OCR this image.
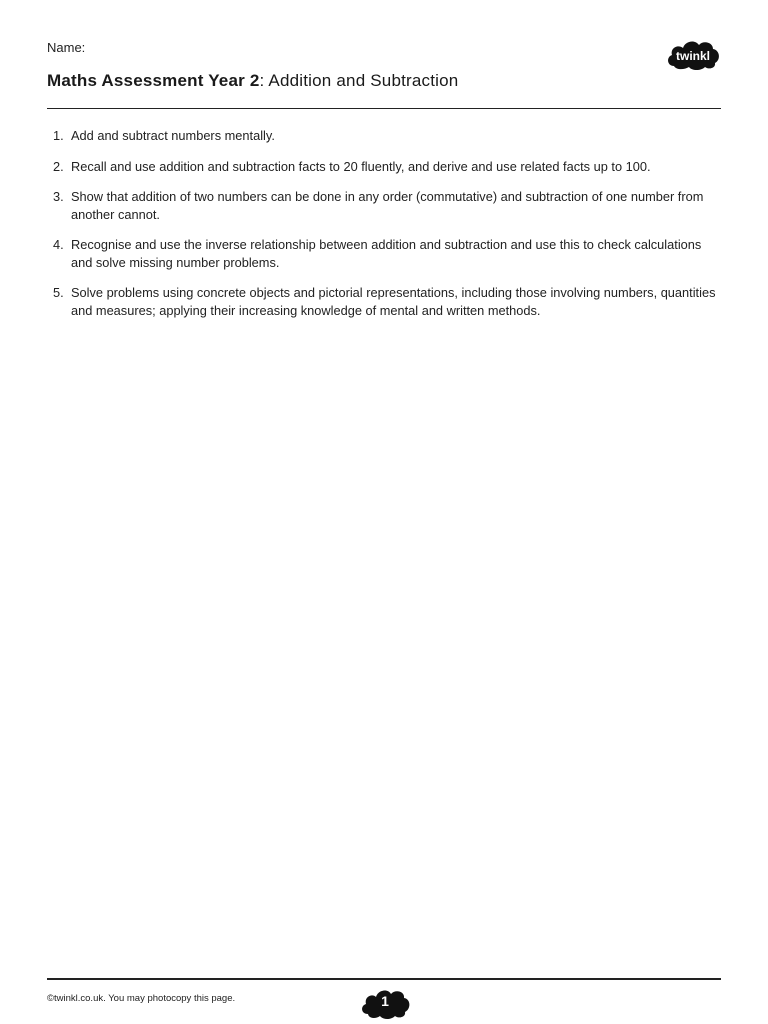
Name:
twinkl
Maths Assessment Year 2: Addition and Subtraction
1. Add and subtract numbers mentally.
2. Recall and use addition and subtraction facts to 20 fluently, and derive and use related facts up to 100.
3. Show that addition of two numbers can be done in any order (commutative) and subtraction of one number from another cannot.
4. Recognise and use the inverse relationship between addition and subtraction and use this to check calculations and solve missing number problems.
5. Solve problems using concrete objects and pictorial representations, including those involving numbers, quantities and measures; applying their increasing knowledge of mental and written methods.
©twinkl.co.uk. You may photocopy this page.	1
